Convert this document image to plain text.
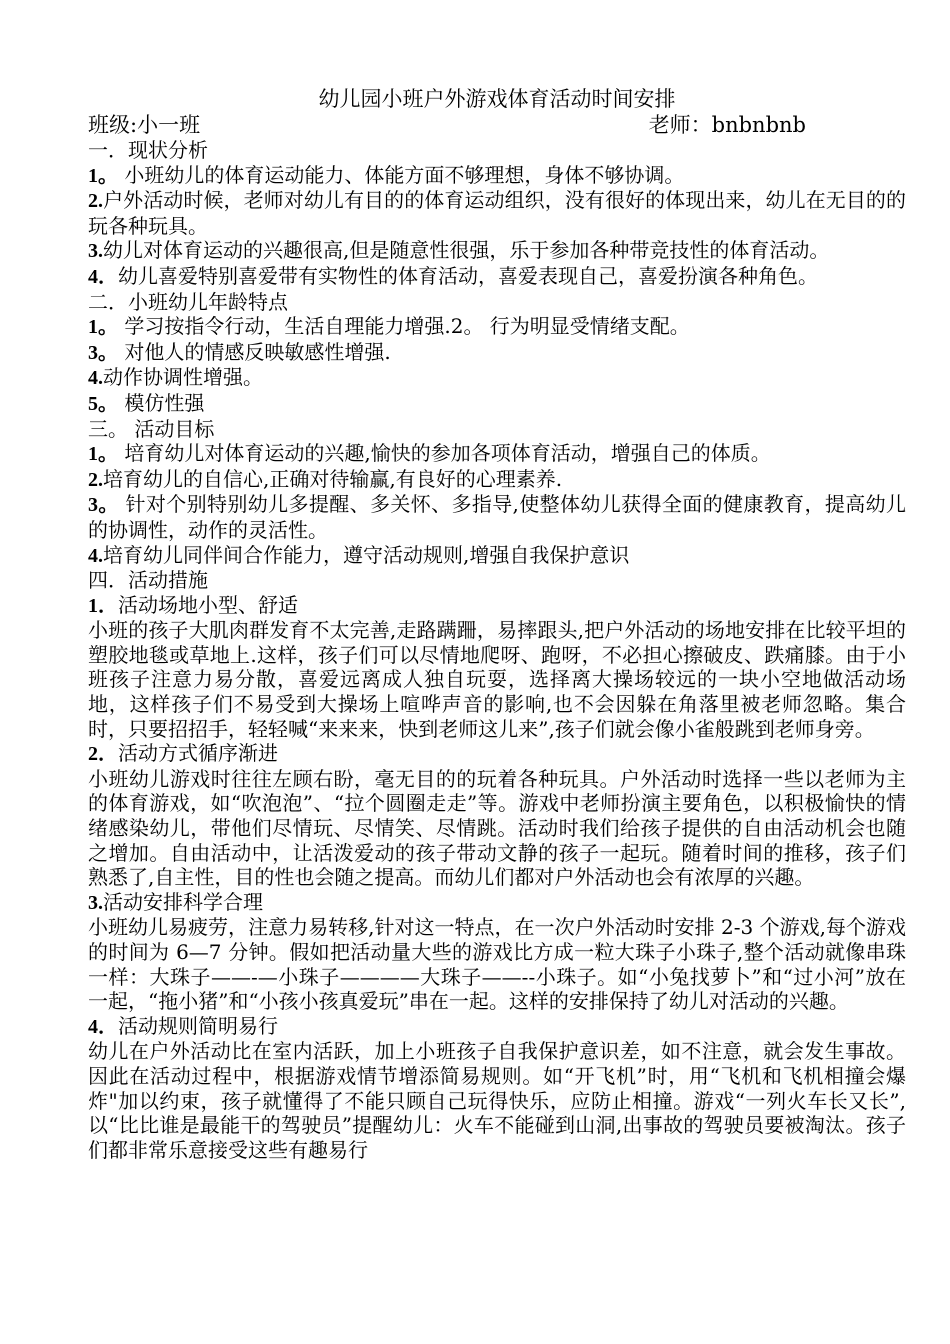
幼儿园小班户外游戏体育活动时间安排

班级:小一班	老师：bnbnbnb

一．现状分析

1。 小班幼儿的体育运动能力、体能方面不够理想，身体不够协调。

2.户外活动时候，老师对幼儿有目的的体育运动组织，没有很好的体现出来，幼儿在无目的的玩各种玩具。

3.幼儿对体育运动的兴趣很高,但是随意性很强，乐于参加各种带竞技性的体育活动。

4．幼儿喜爱特别喜爱带有实物性的体育活动，喜爱表现自己，喜爱扮演各种角色。

二．小班幼儿年龄特点

1。 学习按指令行动，生活自理能力增强.2。 行为明显受情绪支配。

3。 对他人的情感反映敏感性增强.

4.动作协调性增强。

5。 模仿性强

三。 活动目标

1。 培育幼儿对体育运动的兴趣,愉快的参加各项体育活动，增强自己的体质。

2.培育幼儿的自信心,正确对待输赢,有良好的心理素养.

3。 针对个别特别幼儿多提醒、多关怀、多指导,使整体幼儿获得全面的健康教育，提高幼儿的协调性，动作的灵活性。

4.培育幼儿同伴间合作能力，遵守活动规则,增强自我保护意识

四．活动措施

1．活动场地小型、舒适

小班的孩子大肌肉群发育不太完善,走路蹒跚，易摔跟头,把户外活动的场地安排在比较平坦的塑胶地毯或草地上.这样，孩子们可以尽情地爬呀、跑呀，不必担心擦破皮、跌痛膝。由于小班孩子注意力易分散，喜爱远离成人独自玩耍，选择离大操场较远的一块小空地做活动场地，这样孩子们不易受到大操场上喧哗声音的影响,也不会因躲在角落里被老师忽略。集合时，只要招招手，轻轻喊“来来来，快到老师这儿来”,孩子们就会像小雀般跳到老师身旁。

2．活动方式循序渐进

小班幼儿游戏时往往左顾右盼，毫无目的的玩着各种玩具。户外活动时选择一些以老师为主的体育游戏，如“吹泡泡”、“拉个圆圈走走”等。游戏中老师扮演主要角色，以积极愉快的情绪感染幼儿，带他们尽情玩、尽情笑、尽情跳。活动时我们给孩子提供的自由活动机会也随之增加。自由活动中，让活泼爱动的孩子带动文静的孩子一起玩。随着时间的推移，孩子们熟悉了,自主性，目的性也会随之提高。而幼儿们都对户外活动也会有浓厚的兴趣。

3.活动安排科学合理

小班幼儿易疲劳，注意力易转移,针对这一特点，在一次户外活动时安排 2-3 个游戏,每个游戏的时间为 6—7 分钟。假如把活动量大些的游戏比方成一粒大珠子小珠子,整个活动就像串珠一样：大珠子——-—小珠子————大珠子——--小珠子。如“小兔找萝卜”和“过小河”放在一起，“拖小猪”和“小孩小孩真爱玩”串在一起。这样的安排保持了幼儿对活动的兴趣。

4．活动规则简明易行

幼儿在户外活动比在室内活跃，加上小班孩子自我保护意识差，如不注意，就会发生事故。因此在活动过程中，根据游戏情节增添简易规则。如“开飞机”时，用“飞机和飞机相撞会爆炸"加以约束，孩子就懂得了不能只顾自己玩得快乐，应防止相撞。游戏“一列火车长又长”,以“比比谁是最能干的驾驶员”提醒幼儿：火车不能碰到山洞,出事故的驾驶员要被淘汰。孩子们都非常乐意接受这些有趣易行
